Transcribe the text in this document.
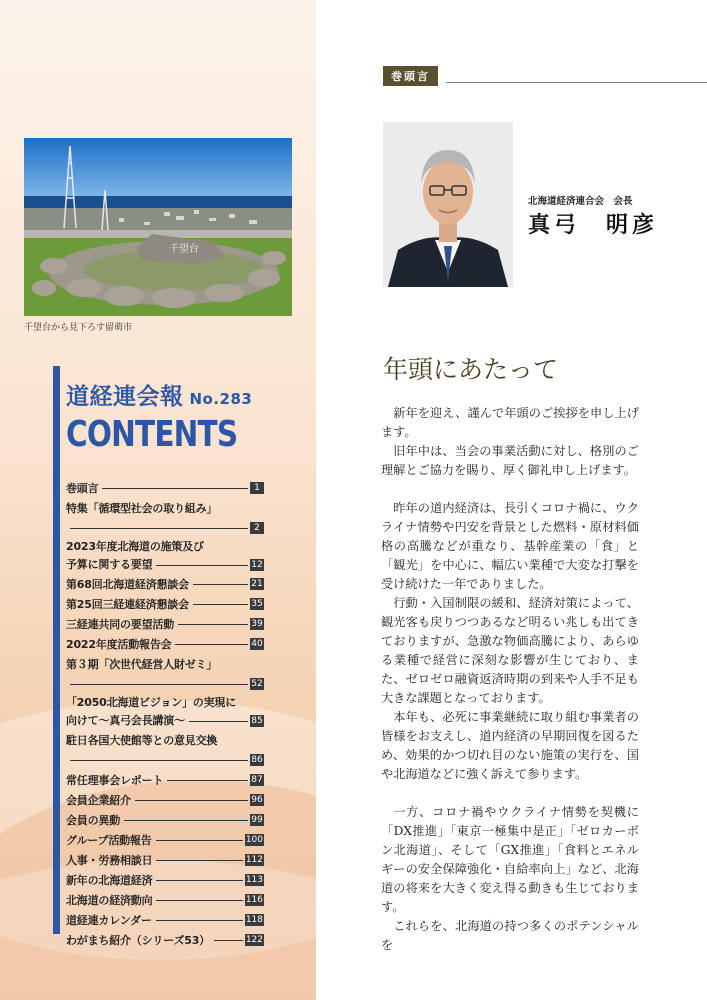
千望台
千望台から見下ろす留萌市
道経連会報 No.283
CONTENTS
巻頭言	1
特集「循環型社会の取り組み」
2
2023年度北海道の施策及び
予算に関する要望	12
第68回北海道経済懇談会	21
第25回三経連経済懇談会	35
三経連共同の要望活動	39
2022年度活動報告会	40
第３期「次世代経営人財ゼミ」
52
「2050北海道ビジョン」の実現に
向けて〜真弓会長講演〜	85
駐日各国大使館等との意見交換
86
常任理事会レポート	87
会員企業紹介	96
会員の異動	99
グループ活動報告	100
人事・労務相談日	112
新年の北海道経済	113
北海道の経済動向	116
道経連カレンダー	118
わがまち紹介（シリーズ53）	122
巻頭言
北海道経済連合会　会長
真弓　明彦
年頭にあたって

新年を迎え、謹んで年頭のご挨拶を申し上げます。

旧年中は、当会の事業活動に対し、格別のご理解とご協力を賜り、厚く御礼申し上げます。

昨年の道内経済は、長引くコロナ禍に、ウクライナ情勢や円安を背景とした燃料・原材料価格の高騰などが重なり、基幹産業の「食」と「観光」を中心に、幅広い業種で大変な打撃を受け続けた一年でありました。

行動・入国制限の緩和、経済対策によって、観光客も戻りつつあるなど明るい兆しも出てきておりますが、急激な物価高騰により、あらゆる業種で経営に深刻な影響が生じており、また、ゼロゼロ融資返済時期の到来や人手不足も大きな課題となっております。

本年も、必死に事業継続に取り組む事業者の皆様をお支えし、道内経済の早期回復を図るため、効果的かつ切れ目のない施策の実行を、国や北海道などに強く訴えて参ります。

一方、コロナ禍やウクライナ情勢を契機に「DX推進」「東京一極集中是正」「ゼロカーボン北海道」、そして「GX推進」「食料とエネルギーの安全保障強化・自給率向上」など、北海道の将来を大きく変え得る動きも生じております。

これらを、北海道の持つ多くのポテンシャルを
